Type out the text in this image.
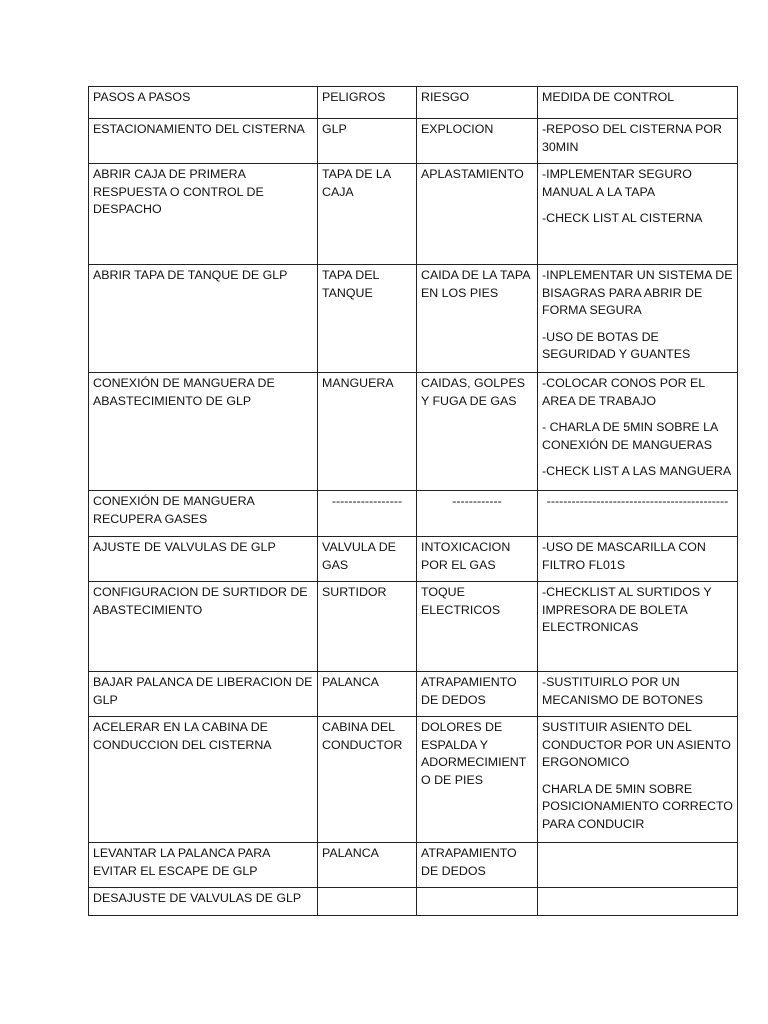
PASOS A PASOS	PELIGROS	RIESGO	MEDIDA DE CONTROL

ESTACIONAMIENTO DEL CISTERNA	GLP	EXPLOCION	-REPOSO DEL CISTERNA POR 30MIN

ABRIR CAJA DE PRIMERA RESPUESTA O CONTROL DE DESPACHO	TAPA DE LA CAJA	APLASTAMIENTO	-IMPLEMENTAR SEGURO MANUAL A LA TAPA
-CHECK LIST AL CISTERNA

ABRIR TAPA DE TANQUE DE GLP	TAPA DEL TANQUE	CAIDA DE LA TAPA EN LOS PIES	-INPLEMENTAR UN SISTEMA DE BISAGRAS PARA ABRIR DE FORMA SEGURA
-USO DE BOTAS DE SEGURIDAD Y GUANTES

CONEXIÓN DE MANGUERA DE ABASTECIMIENTO DE GLP	MANGUERA	CAIDAS, GOLPES Y FUGA DE GAS	-COLOCAR CONOS POR EL AREA DE TRABAJO
- CHARLA DE 5MIN SOBRE LA CONEXIÓN DE MANGUERAS
-CHECK LIST A LAS MANGUERA

CONEXIÓN DE MANGUERA RECUPERA GASES	-----------------	------------	--------------------------------------------

AJUSTE DE VALVULAS DE GLP	VALVULA DE GAS	INTOXICACION POR EL GAS	-USO DE MASCARILLA CON FILTRO FL01S

CONFIGURACION DE SURTIDOR DE ABASTECIMIENTO	SURTIDOR	TOQUE ELECTRICOS	-CHECKLIST AL SURTIDOS Y IMPRESORA DE BOLETA ELECTRONICAS

BAJAR PALANCA DE LIBERACION DE GLP	PALANCA	ATRAPAMIENTO DE DEDOS	-SUSTITUIRLO POR UN MECANISMO DE BOTONES

ACELERAR EN LA CABINA DE CONDUCCION DEL CISTERNA	CABINA DEL CONDUCTOR	DOLORES DE ESPALDA Y ADORMECIMIENTO DE PIES	SUSTITUIR ASIENTO DEL CONDUCTOR POR UN ASIENTO ERGONOMICO
CHARLA DE 5MIN SOBRE POSICIONAMIENTO CORRECTO PARA CONDUCIR

LEVANTAR LA PALANCA PARA EVITAR EL ESCAPE DE GLP	PALANCA	ATRAPAMIENTO DE DEDOS	

DESAJUSTE DE VALVULAS DE GLP			
